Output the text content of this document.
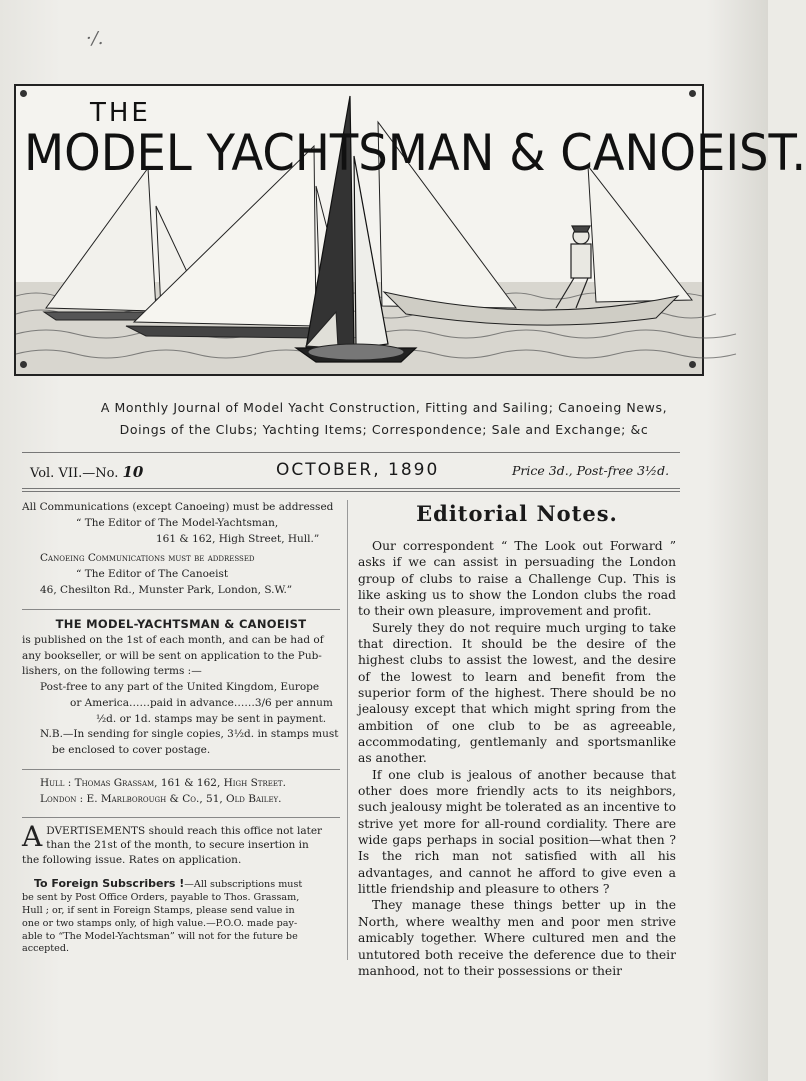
·/.
THE
MODEL YACHTSMAN & CANOEIST.
A Monthly Journal of Model Yacht Construction, Fitting and Sailing; Canoeing News,
Doings of the Clubs; Yachting Items; Correspondence; Sale and Exchange; &c
Vol. VII.—No. 10	OCTOBER, 1890	Price 3d., Post-free 3½d.

All Communications (except Canoeing) must be addressed

“ The Editor of The Model-Yachtsman,

161 & 162, High Street, Hull.”

Canoeing Communications must be addressed

“ The Editor of The Canoeist

46, Chesilton Rd., Munster Park, London, S.W.”

THE MODEL-YACHTSMAN & CANOEIST

is published on the 1st of each month, and can be had of

any bookseller, or will be sent on application to the Pub-

lishers, on the following terms :—

Post-free to any part of the United Kingdom, Europe

or America……paid in advance……3/6 per annum

½d. or 1d. stamps may be sent in payment.

N.B.—In sending for single copies, 3½d. in stamps must

be enclosed to cover postage.

Hull : Thomas Grassam, 161 & 162, High Street.

London : E. Marlborough & Co., 51, Old Bailey.

A DVERTISEMENTS should reach this office not later

than the 21st of the month, to secure insertion in

the following issue. Rates on application.

To Foreign Subscribers !—All subscriptions must

be sent by Post Office Orders, payable to Thos. Grassam,

Hull ; or, if sent in Foreign Stamps, please send value in

one or two stamps only, of high value.—P.O.O. made pay-

able to “The Model-Yachtsman” will not for the future be

accepted.

Editorial Notes.

Our correspondent “ The Look out Forward ” asks if we can assist in persuading the London group of clubs to raise a Challenge Cup. This is like asking us to show the London clubs the road to their own pleasure, improvement and profit.

Surely they do not require much urging to take that direction. It should be the desire of the highest clubs to assist the lowest, and the desire of the lowest to learn and benefit from the superior form of the highest. There should be no jealousy except that which might spring from the ambition of one club to be as agreeable, accommodating, gentlemanly and sportsmanlike as another.

If one club is jealous of another because that other does more friendly acts to its neighbors, such jealousy might be tolerated as an incentive to strive yet more for all-round cordiality. There are wide gaps perhaps in social position—what then ? Is the rich man not satisfied with all his advantages, and cannot he afford to give even a little friendship and pleasure to others ?

They manage these things better up in the North, where wealthy men and poor men strive amicably together. Where cultured men and the untutored both receive the deference due to their manhood, not to their possessions or their
